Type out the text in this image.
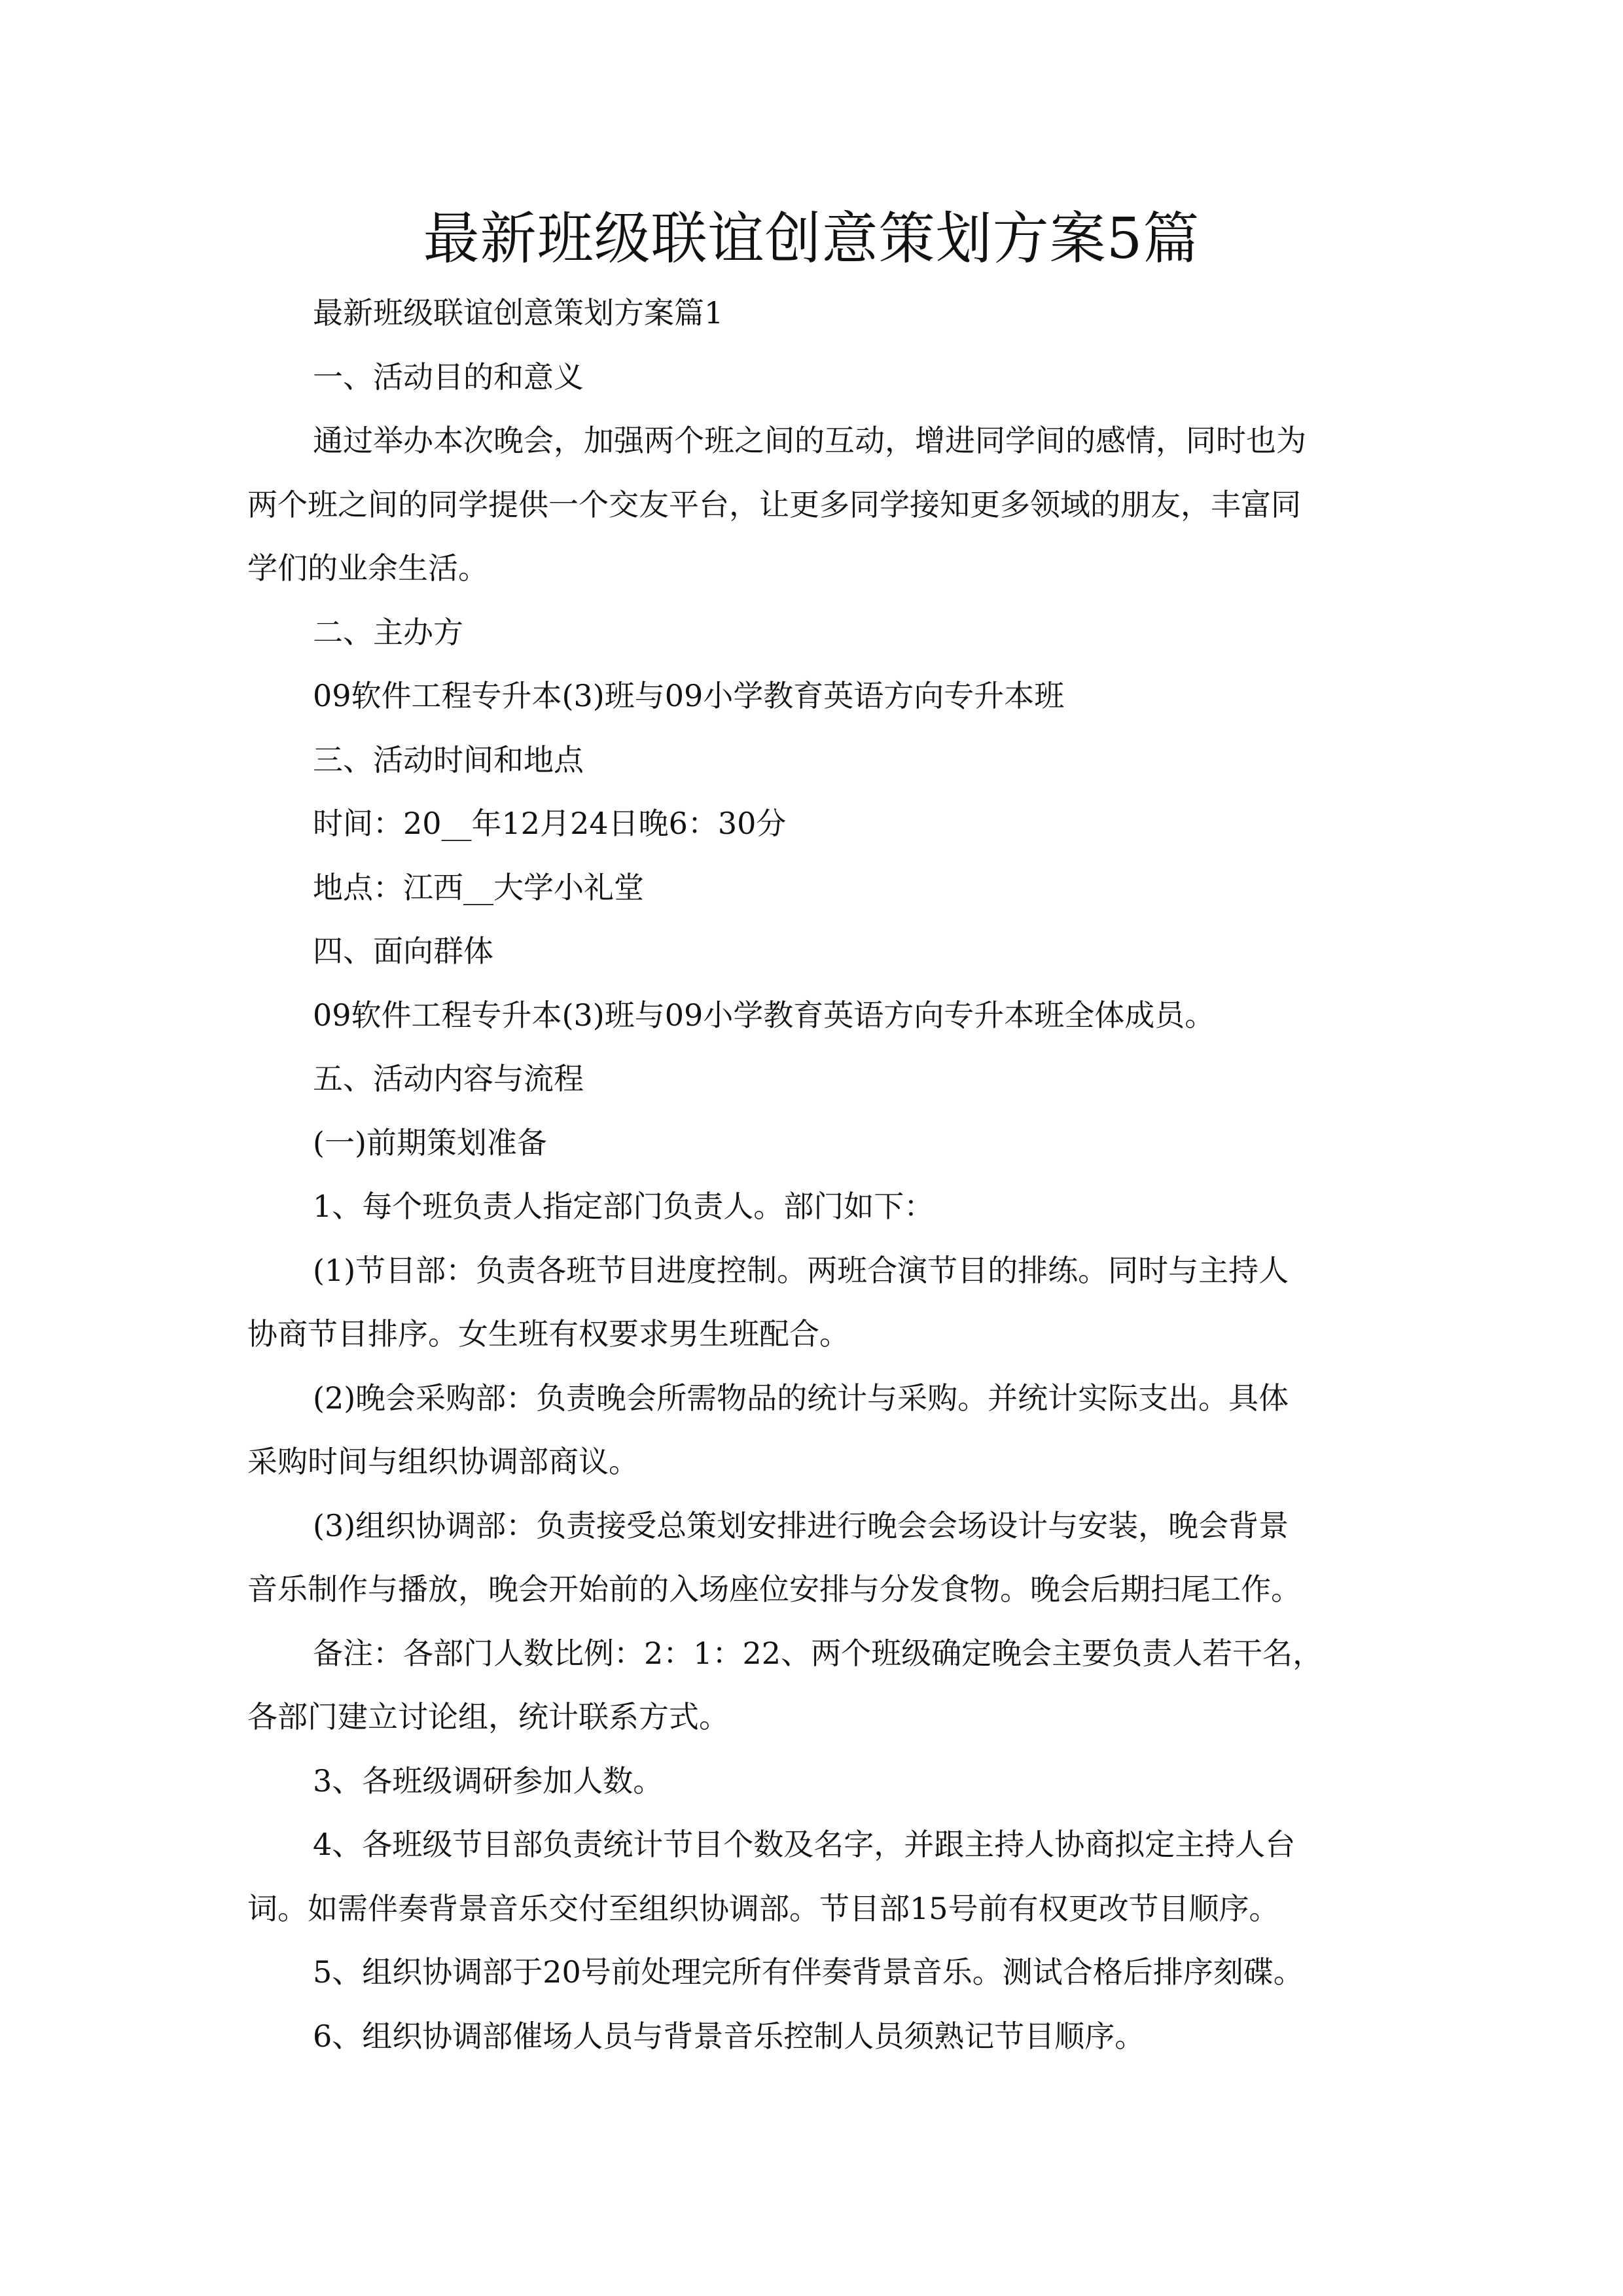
最新班级联谊创意策划方案5篇

最新班级联谊创意策划方案篇1

一、活动目的和意义

通过举办本次晚会，加强两个班之间的互动，增进同学间的感情，同时也为

两个班之间的同学提供一个交友平台，让更多同学接知更多领域的朋友，丰富同

学们的业余生活。

二、主办方

09软件工程专升本(3)班与09小学教育英语方向专升本班

三、活动时间和地点

时间：20__年12月24日晚6：30分

地点：江西__大学小礼堂

四、面向群体

09软件工程专升本(3)班与09小学教育英语方向专升本班全体成员。

五、活动内容与流程

(一)前期策划准备

1、每个班负责人指定部门负责人。部门如下：

(1)节目部：负责各班节目进度控制。两班合演节目的排练。同时与主持人

协商节目排序。女生班有权要求男生班配合。

(2)晚会采购部：负责晚会所需物品的统计与采购。并统计实际支出。具体

采购时间与组织协调部商议。

(3)组织协调部：负责接受总策划安排进行晚会会场设计与安装，晚会背景

音乐制作与播放，晚会开始前的入场座位安排与分发食物。晚会后期扫尾工作。

备注：各部门人数比例：2：1：22、两个班级确定晚会主要负责人若干名，

各部门建立讨论组，统计联系方式。

3、各班级调研参加人数。

4、各班级节目部负责统计节目个数及名字，并跟主持人协商拟定主持人台

词。如需伴奏背景音乐交付至组织协调部。节目部15号前有权更改节目顺序。

5、组织协调部于20号前处理完所有伴奏背景音乐。测试合格后排序刻碟。

6、组织协调部催场人员与背景音乐控制人员须熟记节目顺序。
